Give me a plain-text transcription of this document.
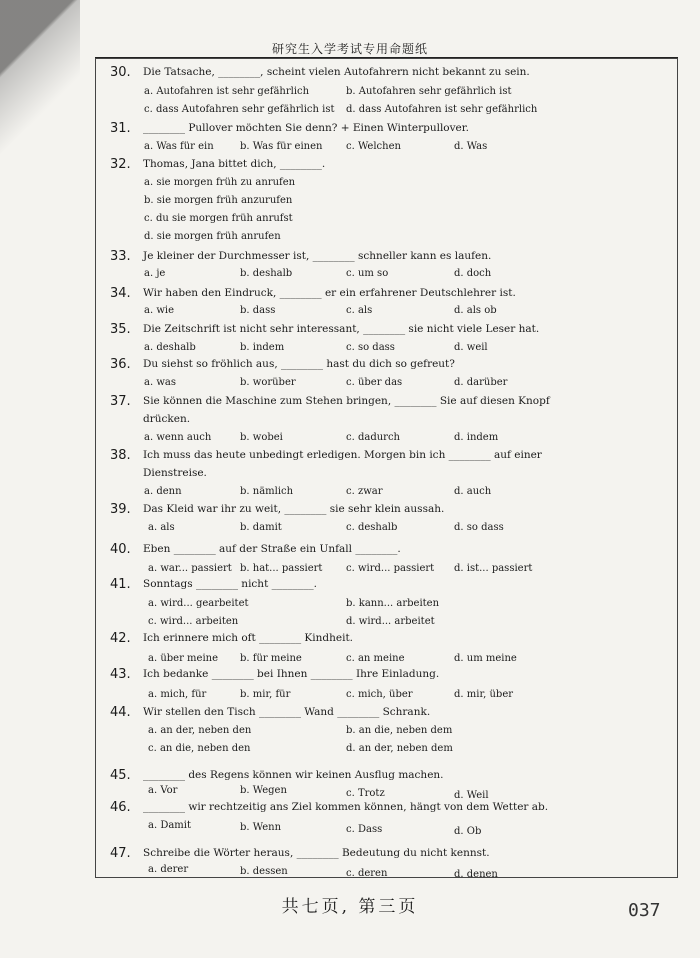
研究生入学考试专用命题纸
30. Die Tatsache, ________, scheint vielen Autofahrern nicht bekannt zu sein.
a. Autofahren ist sehr gefährlich	b. Autofahren sehr gefährlich ist
c. dass Autofahren sehr gefährlich ist d. dass Autofahren ist sehr gefährlich
31. ________ Pullover möchten Sie denn? + Einen Winterpullover.
a. Was für ein	b. Was für einen c. Welchen	d. Was
32. Thomas, Jana bittet dich, ________.
a. sie morgen früh zu anrufen
b. sie morgen früh anzurufen
c. du sie morgen früh anrufst
d. sie morgen früh anrufen
33. Je kleiner der Durchmesser ist, ________ schneller kann es laufen.
a. je	b. deshalb	c. um so	d. doch
34. Wir haben den Eindruck, ________ er ein erfahrener Deutschlehrer ist.
a. wie	b. dass	c. als	d. als ob
35. Die Zeitschrift ist nicht sehr interessant, ________ sie nicht viele Leser hat.
a. deshalb	b. indem	c. so dass	d. weil
36. Du siehst so fröhlich aus, ________ hast du dich so gefreut?
a. was	b. worüber	c. über das	d. darüber
37. Sie können die Maschine zum Stehen bringen, ________ Sie auf diesen Knopf
drücken.
a. wenn auch	b. wobei	c. dadurch	d. indem
38. Ich muss das heute unbedingt erledigen. Morgen bin ich ________ auf einer
Dienstreise.
a. denn	b. nämlich	c. zwar	d. auch
39. Das Kleid war ihr zu weit, ________ sie sehr klein aussah.
a. als	b. damit	c. deshalb	d. so dass
40. Eben ________ auf der Straße ein Unfall ________.
a. war... passiert b. hat... passiert c. wird... passiert d. ist... passiert
41. Sonntags ________ nicht ________.
a. wird... gearbeitet	b. kann... arbeiten
c. wird... arbeiten	d. wird... arbeitet
42. Ich erinnere mich oft ________ Kindheit.
a. über meine b. für meine	c. an meine	d. um meine
43. Ich bedanke ________ bei Ihnen ________ Ihre Einladung.
a. mich, für	b. mir, für	c. mich, über	d. mir, über
44. Wir stellen den Tisch ________ Wand ________ Schrank.
a. an der, neben den	b. an die, neben dem
c. an die, neben den	d. an der, neben dem
45. ________ des Regens können wir keinen Ausflug machen.
a. Vor	b. Wegen	c. Trotz	d. Weil
46. ________ wir rechtzeitig ans Ziel kommen können, hängt von dem Wetter ab.
a. Damit	b. Wenn	c. Dass	d. Ob
47. Schreibe die Wörter heraus, ________ Bedeutung du nicht kennst.
a. derer	b. dessen	c. deren	d. denen
共七页, 第三页	037
